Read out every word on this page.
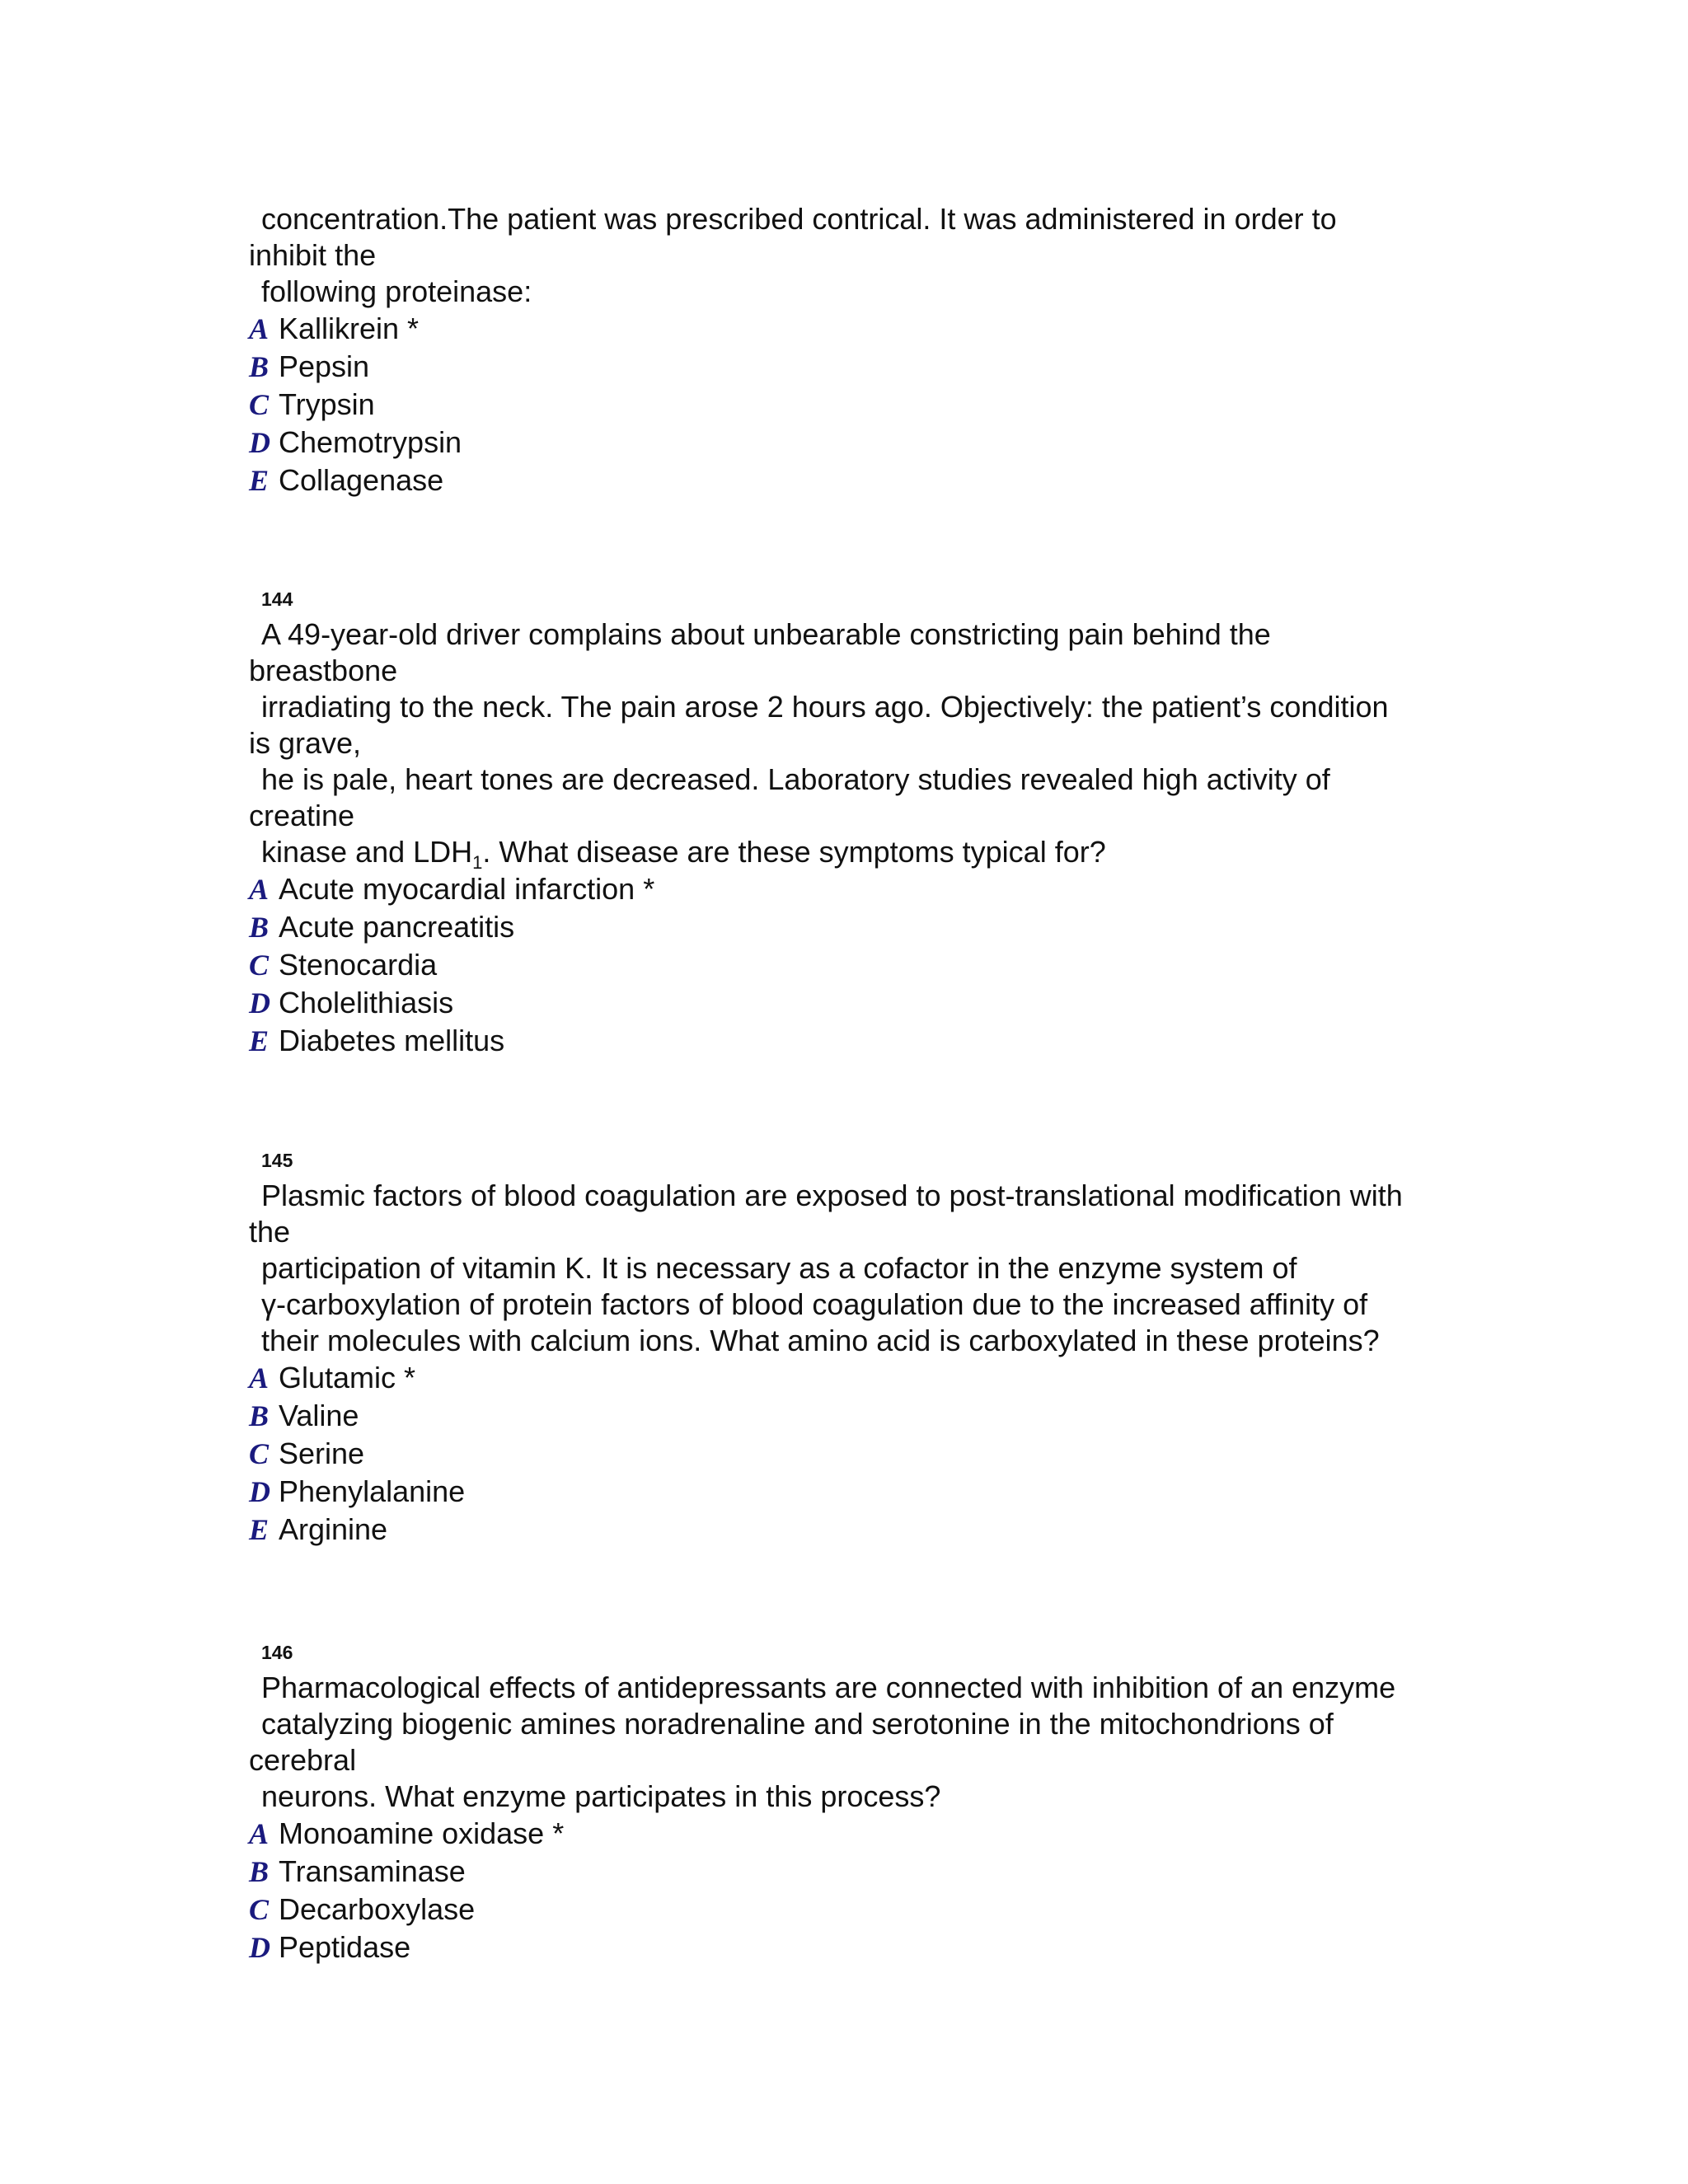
concentration.The patient was prescribed contrical. It was administered in order to
inhibit the
following proteinase:
A Kallikrein *
B Pepsin
C Trypsin
D Chemotrypsin
E Collagenase
144
A 49-year-old driver complains about unbearable constricting pain behind the
breastbone
irradiating to the neck. The pain arose 2 hours ago. Objectively: the patient’s condition
is grave,
he is pale, heart tones are decreased. Laboratory studies revealed high activity of
creatine
kinase and $LDH_1$. What disease are these symptoms typical for?
A Acute myocardial infarction *
B Acute pancreatitis
C Stenocardia
D Cholelithiasis
E Diabetes mellitus
145
Plasmic factors of blood coagulation are exposed to post-translational modification with
the
participation of vitamin K. It is necessary as a cofactor in the enzyme system of
γ-carboxylation of protein factors of blood coagulation due to the increased affinity of
their molecules with calcium ions. What amino acid is carboxylated in these proteins?
A Glutamic *
B Valine
C Serine
D Phenylalanine
E Arginine
146
Pharmacological effects of antidepressants are connected with inhibition of an enzyme
catalyzing biogenic amines noradrenaline and serotonine in the mitochondrions of
cerebral
neurons. What enzyme participates in this process?
A Monoamine oxidase *
B Transaminase
C Decarboxylase
D Peptidase
